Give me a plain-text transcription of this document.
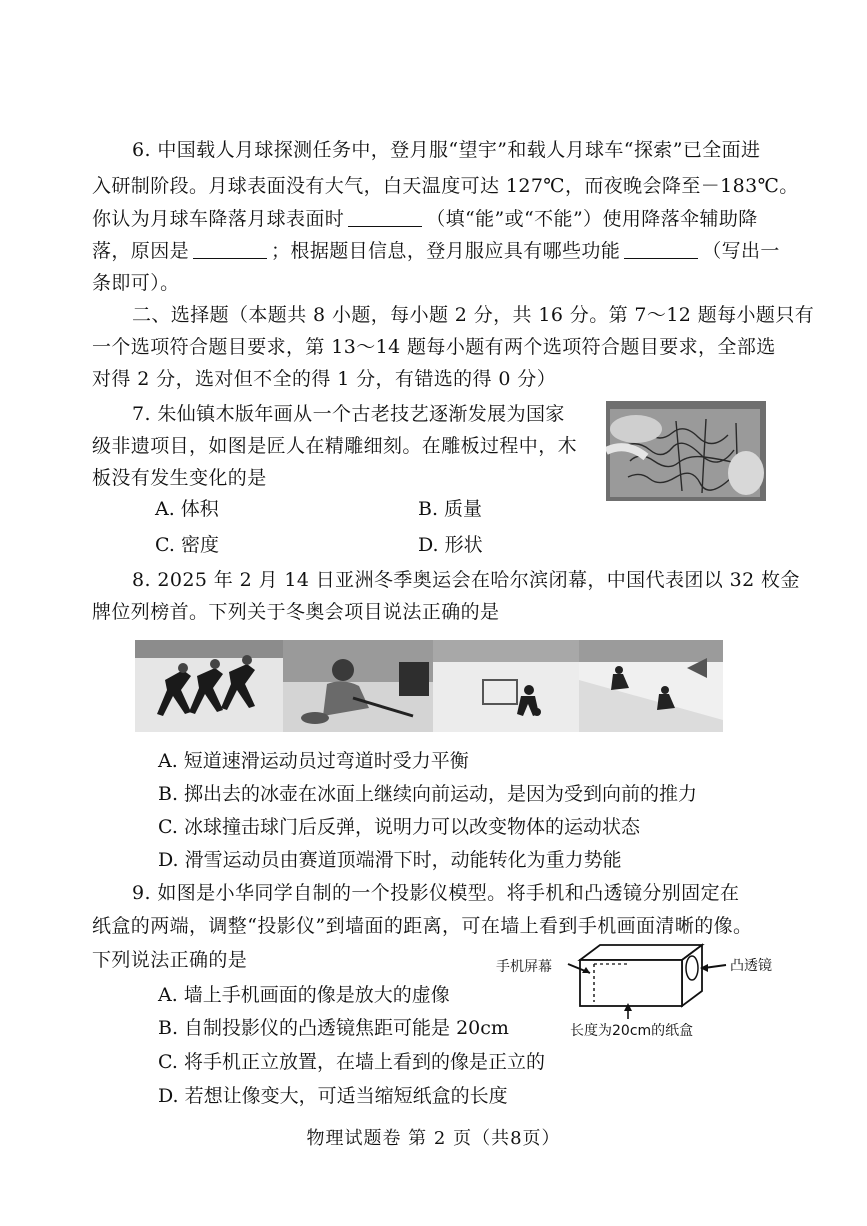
6. 中国载人月球探测任务中，登月服“望宇”和载人月球车“探索”已全面进
入研制阶段。月球表面没有大气，白天温度可达 127℃，而夜晚会降至－183℃。
你认为月球车降落月球表面时	（填“能”或“不能”）使用降落伞辅助降
落，原因是	；根据题目信息，登月服应具有哪些功能	（写出一
条即可）。
二、选择题（本题共 8 小题，每小题 2 分，共 16 分。第 7～12 题每小题只有
一个选项符合题目要求，第 13～14 题每小题有两个选项符合题目要求，全部选
对得 2 分，选对但不全的得 1 分，有错选的得 0 分）
7. 朱仙镇木版年画从一个古老技艺逐渐发展为国家
级非遗项目，如图是匠人在精雕细刻。在雕板过程中，木
板没有发生变化的是
A. 体积	B. 质量
C. 密度	D. 形状
8. 2025 年 2 月 14 日亚洲冬季奥运会在哈尔滨闭幕，中国代表团以 32 枚金
牌位列榜首。下列关于冬奥会项目说法正确的是
A. 短道速滑运动员过弯道时受力平衡
B. 掷出去的冰壶在冰面上继续向前运动，是因为受到向前的推力
C. 冰球撞击球门后反弹，说明力可以改变物体的运动状态
D. 滑雪运动员由赛道顶端滑下时，动能转化为重力势能
9. 如图是小华同学自制的一个投影仪模型。将手机和凸透镜分别固定在
纸盒的两端，调整“投影仪”到墙面的距离，可在墙上看到手机画面清晰的像。
下列说法正确的是
A. 墙上手机画面的像是放大的虚像
B. 自制投影仪的凸透镜焦距可能是 20cm
C. 将手机正立放置，在墙上看到的像是正立的
D. 若想让像变大，可适当缩短纸盒的长度
手机屏幕	凸透镜
长度为20cm的纸盒
物理试题卷 第 2 页（共8页）
